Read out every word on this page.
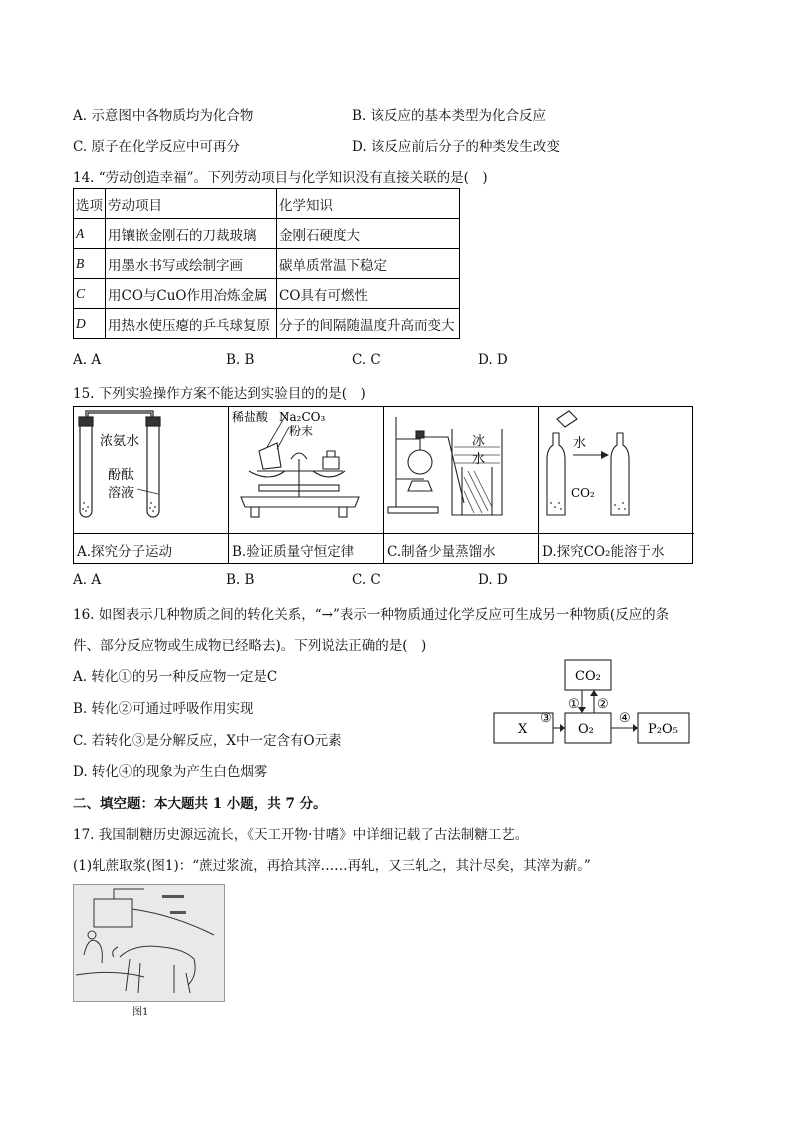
A. 示意图中各物质均为化合物	B. 该反应的基本类型为化合反应
C. 原子在化学反应中可再分	D. 该反应前后分子的种类发生改变
14. “劳动创造幸福”。下列劳动项目与化学知识没有直接关联的是(　)
选项	劳动项目	化学知识
A	用镶嵌金刚石的刀裁玻璃	金刚石硬度大
B	用墨水书写或绘制字画	碳单质常温下稳定
C	用CO与CuO作用冶炼金属	CO具有可燃性
D	用热水使压瘪的乒乓球复原	分子的间隔随温度升高而变大
A. A	B. B	C. C	D. D
15. 下列实验操作方案不能达到实验目的的是(　)
浓氨水
酚酞
溶液
稀盐酸 Na₂CO₃
粉末
冰
水
水
CO₂
A.探究分子运动	B.验证质量守恒定律	C.制备少量蒸馏水	D.探究CO₂能溶于水
A. A	B. B	C. C	D. D
16. 如图表示几种物质之间的转化关系，“→”表示一种物质通过化学反应可生成另一种物质(反应的条
件、部分反应物或生成物已经略去)。下列说法正确的是(　)
A. 转化①的另一种反应物一定是C
B. 转化②可通过呼吸作用实现
C. 若转化③是分解反应，X中一定含有O元素
D. 转化④的现象为产生白色烟雾
CO₂
O₂
X	P₂O₅
① ②
③	④
二、填空题：本大题共 1 小题，共 7 分。
17. 我国制糖历史源远流长，《天工开物·甘嗜》中详细记载了古法制糖工艺。
(1)轧蔗取浆(图1)：“蔗过浆流，再拾其滓……再轧，又三轧之，其汁尽矣，其滓为薪。”
图1
